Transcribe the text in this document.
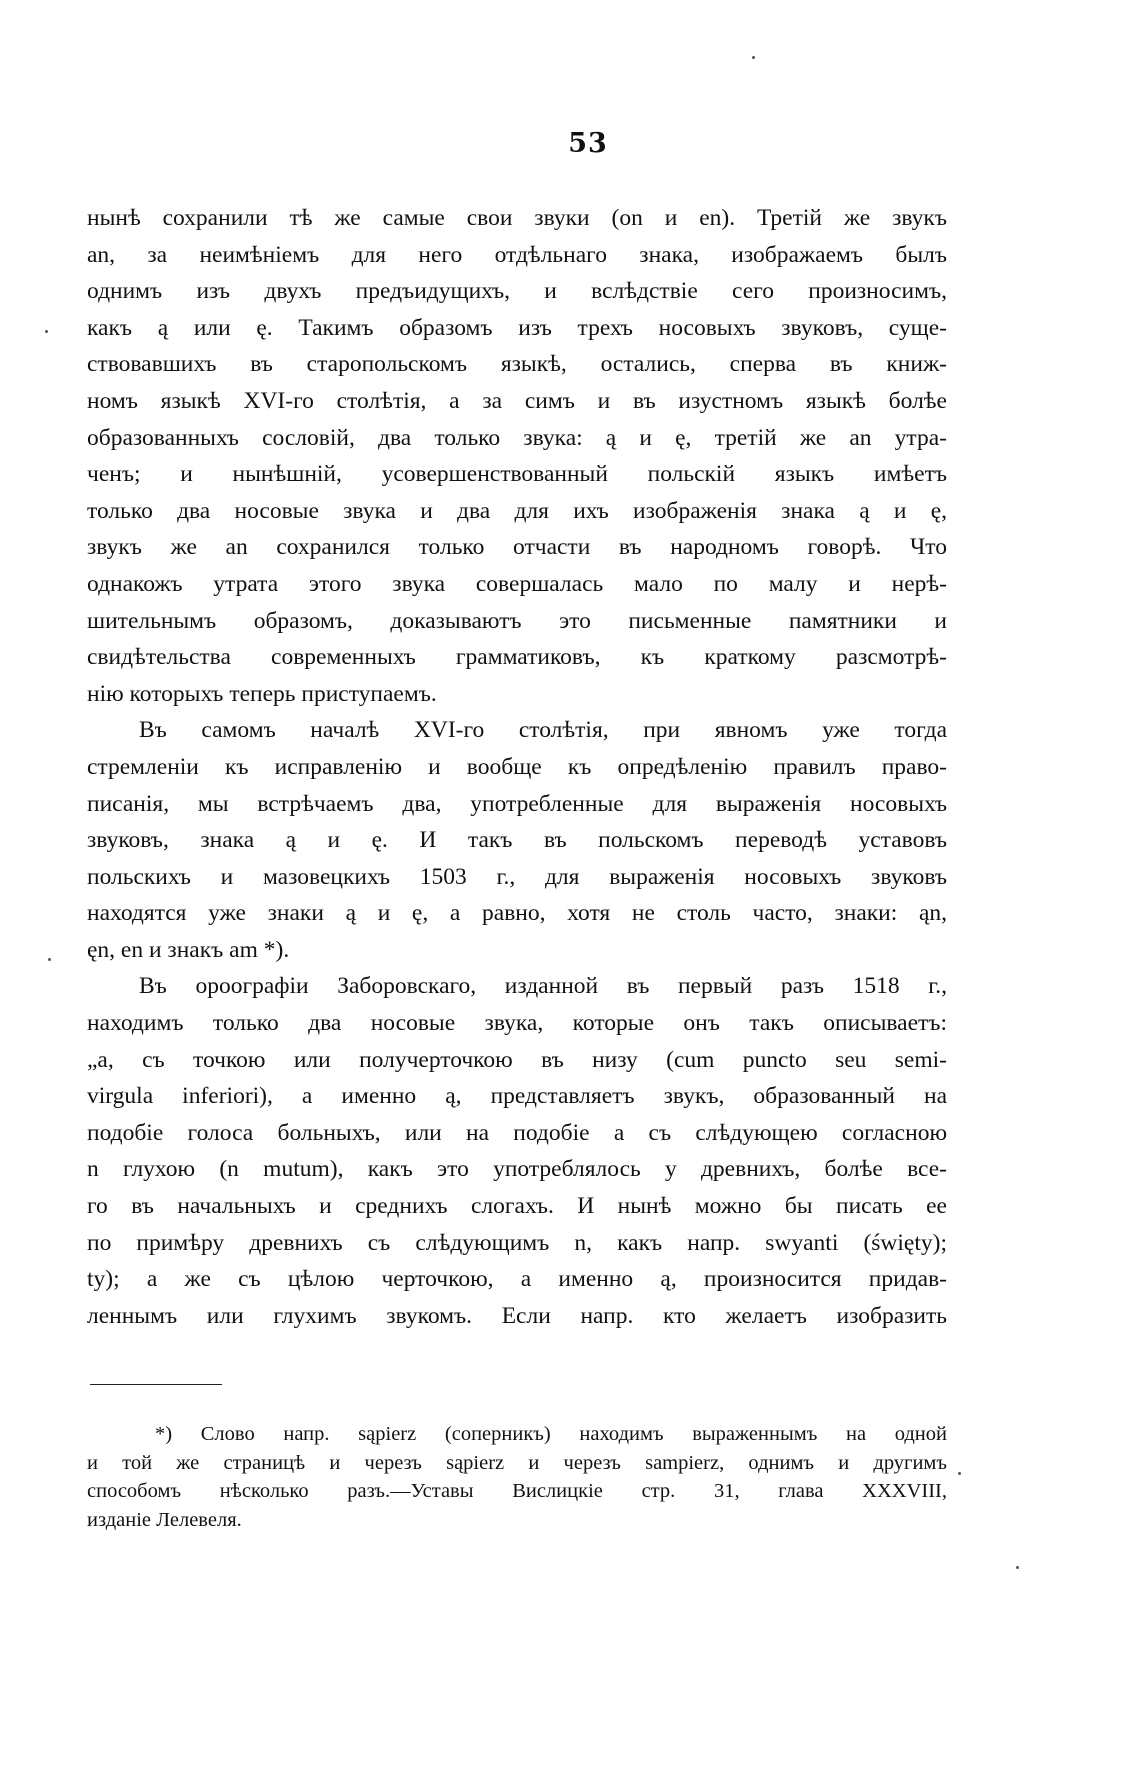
53
нынѣ сохранили тѣ же самые свои звуки (on и en). Третій же звукъ
an, за неимѣніемъ для него отдѣльнаго знака, изображаемъ былъ
однимъ изъ двухъ предъидущихъ, и вслѣдствіе сего произносимъ,
какъ ą или ę. Такимъ образомъ изъ трехъ носовыхъ звуковъ, суще-
ствовавшихъ въ старопольскомъ языкѣ, остались, сперва въ книж-
номъ языкѣ XVI-го столѣтія, а за симъ и въ изустномъ языкѣ болѣе
образованныхъ сословій, два только звука: ą и ę, третій же an утра-
ченъ; и нынѣшній, усовершенствованный польскій языкъ имѣетъ
только два носовые звука и два для ихъ изображенія знака ą и ę,
звукъ же an сохранился только отчасти въ народномъ говорѣ. Что
однакожъ утрата этого звука совершалась мало по малу и нерѣ-
шительнымъ образомъ, доказываютъ это письменные памятники и
свидѣтельства современныхъ грамматиковъ, къ краткому разсмотрѣ-
нію которыхъ теперь приступаемъ.
Въ самомъ началѣ XVI-го столѣтія, при явномъ уже тогда
стремленіи къ исправленію и вообще къ опредѣленію правилъ право-
писанія, мы встрѣчаемъ два, употребленные для выраженія носовыхъ
звуковъ, знака ą и ę. И такъ въ польскомъ переводѣ уставовъ
польскихъ и мазовецкихъ 1503 г., для выраженія носовыхъ звуковъ
находятся уже знаки ą и ę, а равно, хотя не столь часто, знаки: ąn,
ęn, en и знакъ am *).
Въ ороографіи Заборовскаго, изданной въ первый разъ 1518 г.,
находимъ только два носовые звука, которые онъ такъ описываетъ:
„a, съ точкою или получерточкою въ низу (cum puncto seu semi-
virgula inferiori), а именно ą, представляетъ звукъ, образованный на
подобіе голоса больныхъ, или на подобіе a съ слѣдующею согласною
n глухою (n mutum), какъ это употреблялось у древнихъ, болѣе все-
го въ начальныхъ и среднихъ слогахъ. И нынѣ можно бы писать ее
по примѣру древнихъ съ слѣдующимъ n, какъ напр. swyanti (święty);
ty); a же съ цѣлою черточкою, а именно ą, произносится придав-
леннымъ или глухимъ звукомъ. Если напр. кто желаетъ изобразить
*) Слово напр. sąpierz (соперникъ) находимъ выраженнымъ на одной
и той же страницѣ и черезъ sąpierz и черезъ sampierz, однимъ и другимъ
способомъ нѣсколько разъ.—Уставы Вислицкіе стр. 31, глава XXXVIII,
изданіе Лелевеля.
